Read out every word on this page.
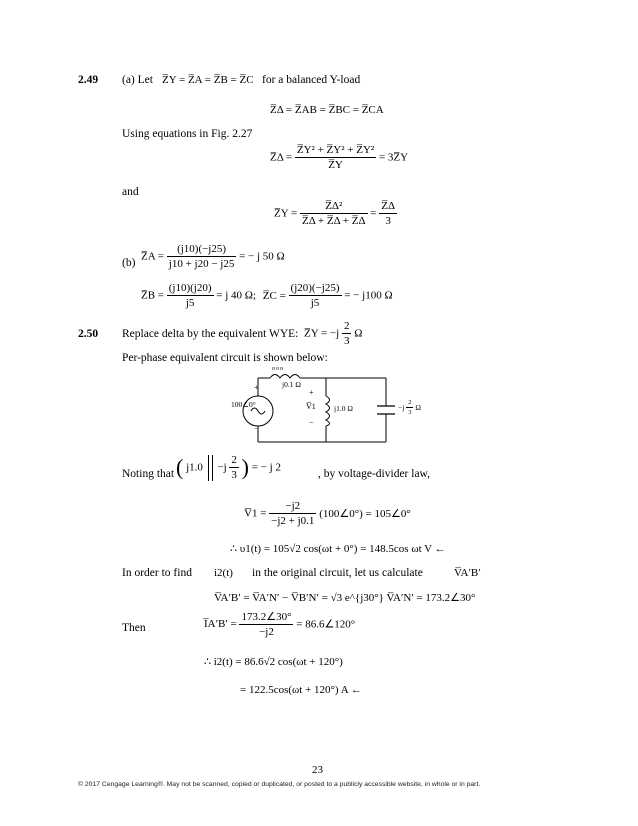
2.49 (a) Let Z̅Y = Z̅A = Z̅B = Z̅C for a balanced Y-load
Z̅Δ = Z̅AB = Z̅BC = Z̅CA
Using equations in Fig. 2.27
Z̅Δ = $\frac{\text{Z̅Y² + Z̅Y² + Z̅Y²}}{Z̅Y}$ = 3Z̅Y
and
Z̅Y = $\frac{\text{Z̅Δ²}}{Z̅\Delta + Z̅\Delta + Z̅\Delta} = \frac{Z̅\Delta}{3}$
(b)
Z̅A = $\frac{(j10)(-j25)}{j10 + j20 - j25}$ = − j 50 Ω
Z̅B = $\frac{(j10)(j20)}{j5} = j$ 40 Ω; Z̅C = $\frac{(j20)(-j25)}{j5}$ = − j100 Ω
2.50 Replace delta by the equivalent WYE: Z̅Y = $-j \frac{2}{3}$ Ω
Per-phase equivalent circuit is shown below:
100∠0°
+
−
ooo
j0.1 Ω
+
V̅1
−
j1.0 Ω	$-j \frac{2}{3}$ Ω
Noting that ( $j1.0 -j \frac{2}{3}$ ) = − j 2
, by voltage-divider law,
V̅1 = $\frac{-j2}{-j2 + j0.1}$ (100∠0°) = 105∠0°
∴ υ1(t) = 105√2 cos(ωt + 0°) = 148.5cos ωt V ←
In order to find i2(t) in the original circuit, let us calculate	V̅A′B′
V̅A′B′ = V̅A′N′ − V̅B′N′ = √3 e^{j30°} V̅A′N′ = 173.2∠30°
Then	I̅A′B′ = $\frac{173.2\angle 30^\circ}{-j2}$ = 86.6∠120°
∴ i2(t) = 86.6√2 cos(ωt + 120°)
= 122.5cos(ωt + 120°) A ←
23
© 2017 Cengage Learning®. May not be scanned, copied or duplicated, or posted to a publicly accessible website, in whole or in part.
